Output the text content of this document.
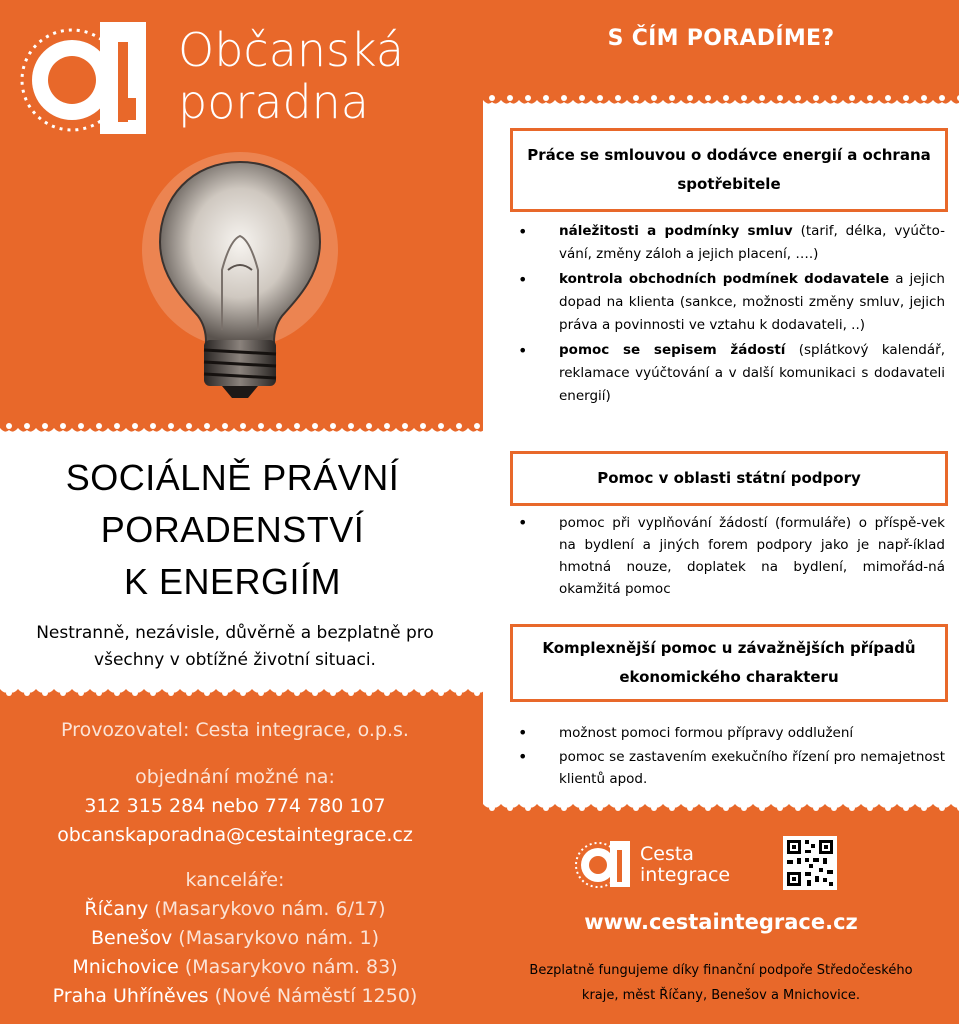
Občanská
poradna
SOCIÁLNĚ PRÁVNÍ
PORADENSTVÍ
K ENERGIÍM
Nestranně, nezávisle, důvěrně a bezplatně pro
všechny v obtížné životní situaci.
Provozovatel: Cesta integrace, o.p.s.
objednání možné na:
312 315 284 nebo 774 780 107
obcanskaporadna@cestaintegrace.cz
kanceláře:
Říčany (Masarykovo nám. 6/17)
Benešov (Masarykovo nám. 1)
Mnichovice (Masarykovo nám. 83)
Praha Uhříněves (Nové Náměstí 1250)
S ČÍM PORADÍME?
Práce se smlouvou o dodávce energií a ochrana spotřebitele
• náležitosti a podmínky smluv (tarif, délka, vyúčto-vání, změny záloh a jejich placení, ….)
• kontrola obchodních podmínek dodavatele a jejich dopad na klienta (sankce, možnosti změny smluv, jejich práva a povinnosti ve vztahu k dodavateli, ..)
• pomoc se sepisem žádostí (splátkový kalendář, reklamace vyúčtování a v další komunikaci s dodavateli energií)
Pomoc v oblasti státní podpory
• pomoc při vyplňování žádostí (formuláře) o příspě-vek na bydlení a jiných forem podpory jako je např-íklad hmotná nouze, doplatek na bydlení, mimořád-ná okamžitá pomoc
Komplexnější pomoc u závažnějších případů ekonomického charakteru
• možnost pomoci formou přípravy oddlužení
• pomoc se zastavením exekučního řízení pro nemajetnost klientů apod.
Cesta
integrace
www.cestaintegrace.cz
Bezplatně fungujeme díky finanční podpoře Středočeského
kraje, měst Říčany, Benešov a Mnichovice.
